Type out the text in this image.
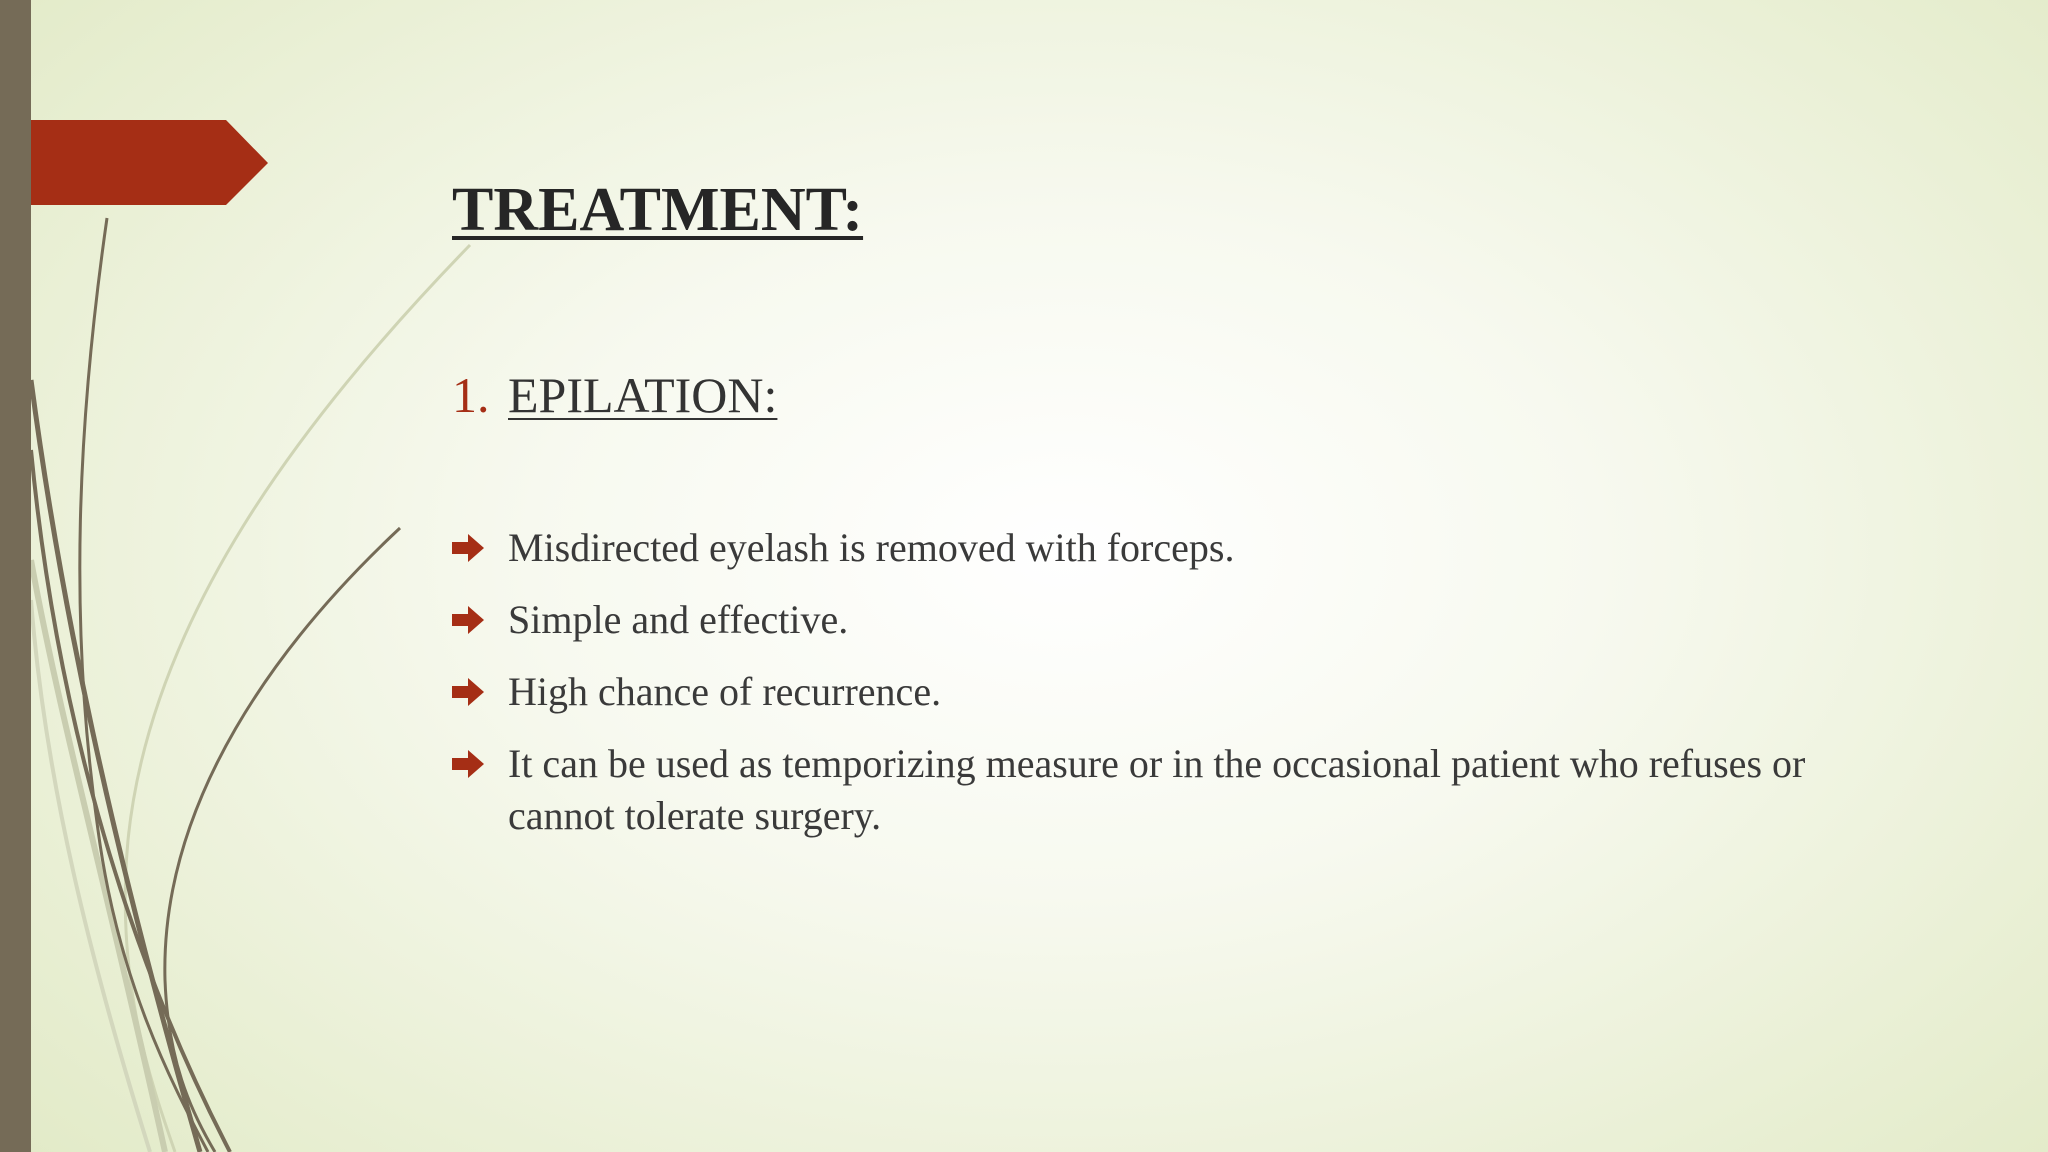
TREATMENT:
1. EPILATION:
Misdirected eyelash is removed with forceps.
Simple and effective.
High chance of recurrence.
It can be used as temporizing measure or in the occasional patient who refuses or cannot tolerate surgery.
